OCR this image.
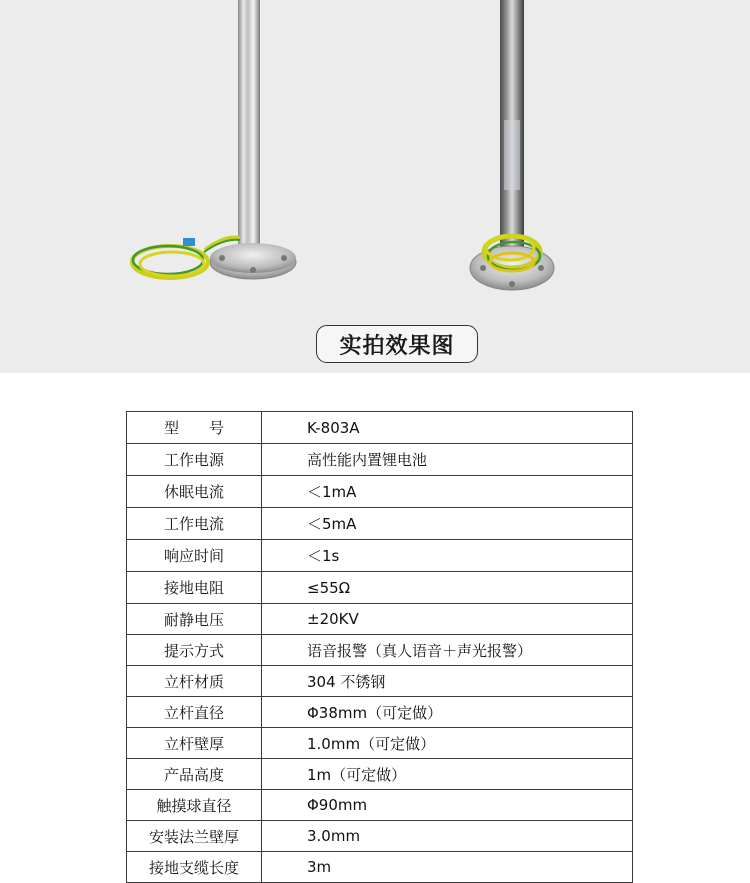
实拍效果图
型　　号	K-803A
工作电源	高性能内置锂电池
休眠电流	＜1mA
工作电流	＜5mA
响应时间	＜1s
接地电阻	≤55Ω
耐静电压	±20KV
提示方式	语音报警（真人语音＋声光报警）
立杆材质	304 不锈钢
立杆直径	Φ38mm（可定做）
立杆壁厚	1.0mm（可定做）
产品高度	1m（可定做）
触摸球直径	Φ90mm
安装法兰壁厚	3.0mm
接地支缆长度	3m
